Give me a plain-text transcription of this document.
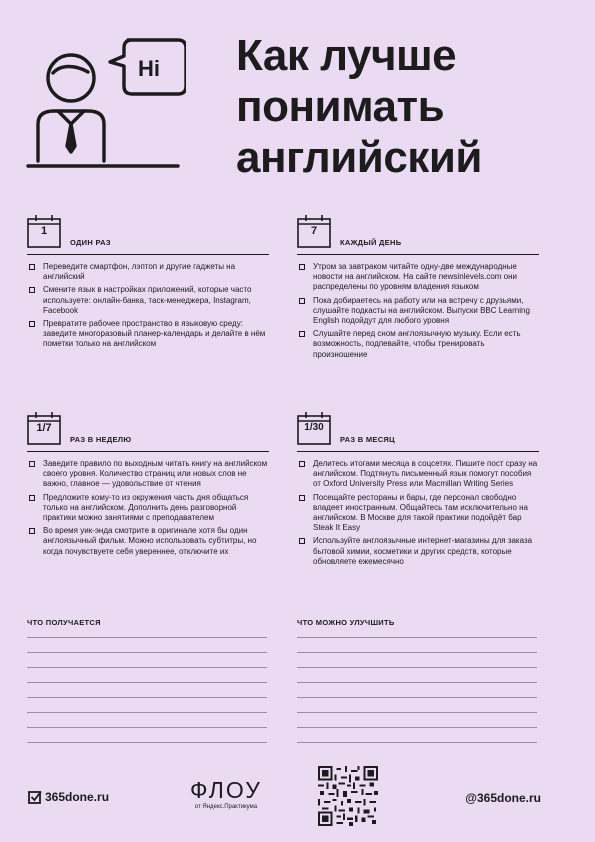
Hi Как лучше
понимать
английский
1
ОДИН РАЗ
Переведите смартфон, лэптоп и другие гаджеты на английский
Смените язык в настройках приложений, которые часто используете: онлайн-банка, таск-менеджера, Instagram, Facebook
Превратите рабочее пространство в языковую среду: заведите многоразовый планер-календарь и делайте в нём пометки только на английском
7
КАЖДЫЙ ДЕНЬ
Утром за завтраком читайте одну-две международные новости на английском. На сайте newsinlevels.com они распределены по уровням владения языком
Пока добираетесь на работу или на встречу с друзьями, слушайте подкасты на английском. Выпуски BBC Learning English подойдут для любого уровня
Слушайте перед сном англоязычную музыку. Если есть возможность, подпевайте, чтобы тренировать произношение
1/7
РАЗ В НЕДЕЛЮ
Заведите правило по выходным читать книгу на английском своего уровня. Количество страниц или новых слов не важно, главное — удовольствие от чтения
Предложите кому-то из окружения часть дня общаться только на английском. Дополнить день разговорной практики можно занятиями с преподавателем
Во время уик-энда смотрите в оригинале хотя бы один англоязычный фильм. Можно использовать субтитры, но когда почувствуете себя увереннее, отключите их
1/30
РАЗ В МЕСЯЦ
Делитесь итогами месяца в соцсетях. Пишите пост сразу на английском. Подтянуть письменный язык помогут пособия от Oxford University Press или Macmillan Writing Series
Посещайте рестораны и бары, где персонал свободно владеет иностранным. Общайтесь там исключительно на английском. В Москве для такой практики подойдёт бар Steak It Easy
Используйте англоязычные интернет-магазины для заказа бытовой химии, косметики и других средств, которые обновляете ежемесячно
ЧТО ПОЛУЧАЕТСЯ	ЧТО МОЖНО УЛУЧШИТЬ
365done.ru	ФЛОУ
от Яндекс.Практикума
@365done.ru
